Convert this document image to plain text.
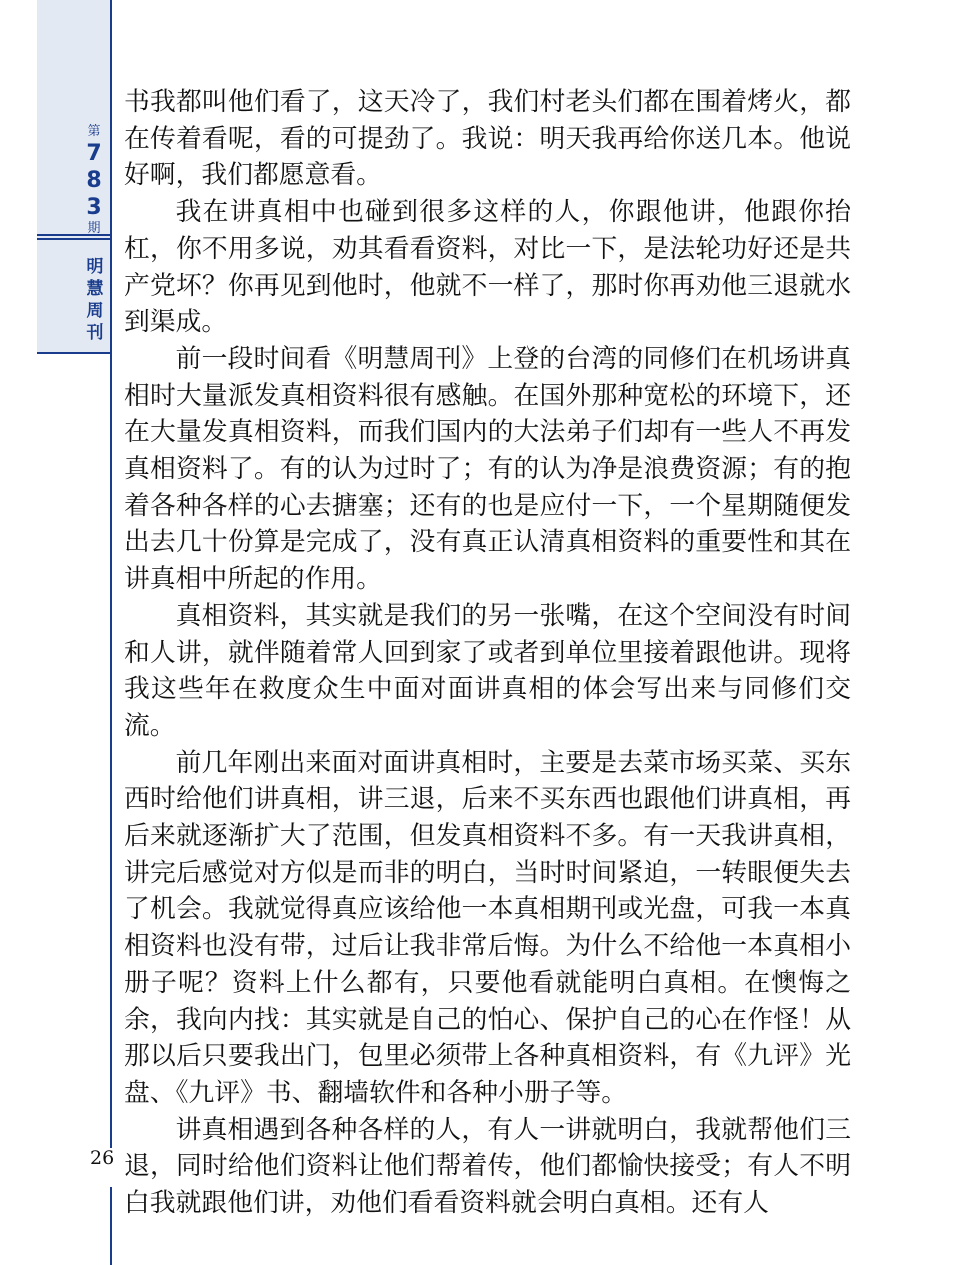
第
7
8
3
期
明
慧
周
刊

书我都叫他们看了，这天冷了，我们村老头们都在围着烤火，都在传着看呢，看的可提劲了。我说：明天我再给你送几本。他说好啊，我们都愿意看。

我在讲真相中也碰到很多这样的人，你跟他讲，他跟你抬杠，你不用多说，劝其看看资料，对比一下，是法轮功好还是共产党坏？你再见到他时，他就不一样了，那时你再劝他三退就水到渠成。

前一段时间看《明慧周刊》上登的台湾的同修们在机场讲真相时大量派发真相资料很有感触。在国外那种宽松的环境下，还在大量发真相资料，而我们国内的大法弟子们却有一些人不再发真相资料了。有的认为过时了；有的认为净是浪费资源；有的抱着各种各样的心去搪塞；还有的也是应付一下，一个星期随便发出去几十份算是完成了，没有真正认清真相资料的重要性和其在讲真相中所起的作用。

真相资料，其实就是我们的另一张嘴，在这个空间没有时间和人讲，就伴随着常人回到家了或者到单位里接着跟他讲。现将我这些年在救度众生中面对面讲真相的体会写出来与同修们交流。

前几年刚出来面对面讲真相时，主要是去菜市场买菜、买东西时给他们讲真相，讲三退，后来不买东西也跟他们讲真相，再后来就逐渐扩大了范围，但发真相资料不多。有一天我讲真相，讲完后感觉对方似是而非的明白，当时时间紧迫，一转眼便失去了机会。我就觉得真应该给他一本真相期刊或光盘，可我一本真相资料也没有带，过后让我非常后悔。为什么不给他一本真相小册子呢？资料上什么都有，只要他看就能明白真相。在懊悔之余，我向内找：其实就是自己的怕心、保护自己的心在作怪！从那以后只要我出门，包里必须带上各种真相资料，有《九评》光盘、《九评》书、翻墙软件和各种小册子等。

讲真相遇到各种各样的人，有人一讲就明白，我就帮他们三退，同时给他们资料让他们帮着传，他们都愉快接受；有人不明白我就跟他们讲，劝他们看看资料就会明白真相。还有人

26
